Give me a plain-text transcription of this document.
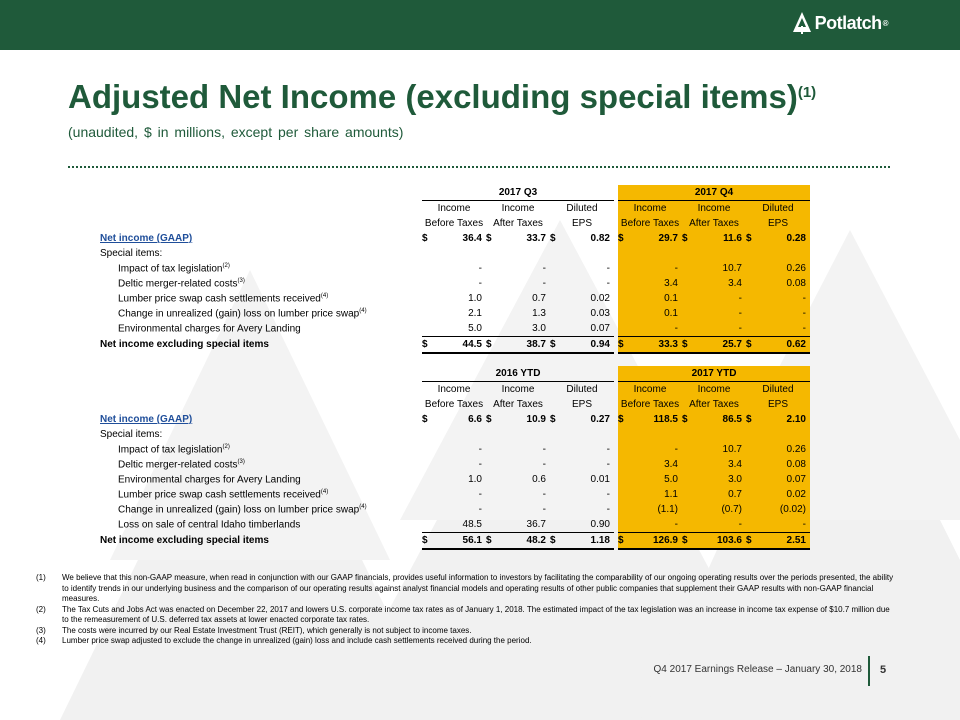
Potlatch ®
Adjusted Net Income (excluding special items)$^{(1)}$
(unaudited, $ in millions, except per share amounts)
	2017 Q3							2017 Q4					
	Income		Income		Diluted			Income		Income		Diluted	
	Before Taxes		After Taxes		EPS			Before Taxes		After Taxes		EPS	
Net income (GAAP)	$	36.4	$	33.7	$	0.82		$	29.7	$	11.6	$	0.28
Special items:													
Impact of tax legislation$^{(2)}$		-		-		-			-		10.7		0.26
Deltic merger-related costs$^{(3)}$		-		-		-			3.4		3.4		0.08
Lumber price swap cash settlements received$^{(4)}$		1.0		0.7		0.02			0.1		-		-
Change in unrealized (gain) loss on lumber price swap$^{(4)}$		2.1		1.3		0.03			0.1		-		-
Environmental charges for Avery Landing		5.0		3.0		0.07			-		-		-
Net income excluding special items	$	44.5	$	38.7	$	0.94		$	33.3	$	25.7	$	0.62
	2016 YTD							2017 YTD					
	Income		Income		Diluted			Income		Income		Diluted	
	Before Taxes		After Taxes		EPS			Before Taxes		After Taxes		EPS	
Net income (GAAP)	$	6.6	$	10.9	$	0.27		$	118.5	$	86.5	$	2.10
Special items:													
Impact of tax legislation$^{(2)}$		-		-		-			-		10.7		0.26
Deltic merger-related costs$^{(3)}$		-		-		-			3.4		3.4		0.08
Environmental charges for Avery Landing		1.0		0.6		0.01			5.0		3.0		0.07
Lumber price swap cash settlements received$^{(4)}$		-		-		-			1.1		0.7		0.02
Change in unrealized (gain) loss on lumber price swap$^{(4)}$		-		-		-			(1.1)		(0.7)		(0.02)
Loss on sale of central Idaho timberlands		48.5		36.7		0.90			-		-		-
Net income excluding special items	$	56.1	$	48.2	$	1.18		$	126.9	$	103.6	$	2.51
(1)	We believe that this non-GAAP measure, when read in conjunction with our GAAP financials, provides useful information to investors by facilitating the comparability of our ongoing operating results over the periods presented, the ability to identify trends in our underlying business and the comparison of our operating results against analyst financial models and operating results of other public companies that supplement their GAAP results with non-GAAP financial measures.
(2)	The Tax Cuts and Jobs Act was enacted on December 22, 2017 and lowers U.S. corporate income tax rates as of January 1, 2018. The estimated impact of the tax legislation was an increase in income tax expense of $10.7 million due to the remeasurement of U.S. deferred tax assets at lower enacted corporate tax rates.
(3)	The costs were incurred by our Real Estate Investment Trust (REIT), which generally is not subject to income taxes.
(4)	Lumber price swap adjusted to exclude the change in unrealized (gain) loss and include cash settlements received during the period.
Q4 2017 Earnings Release – January 30, 2018 5
